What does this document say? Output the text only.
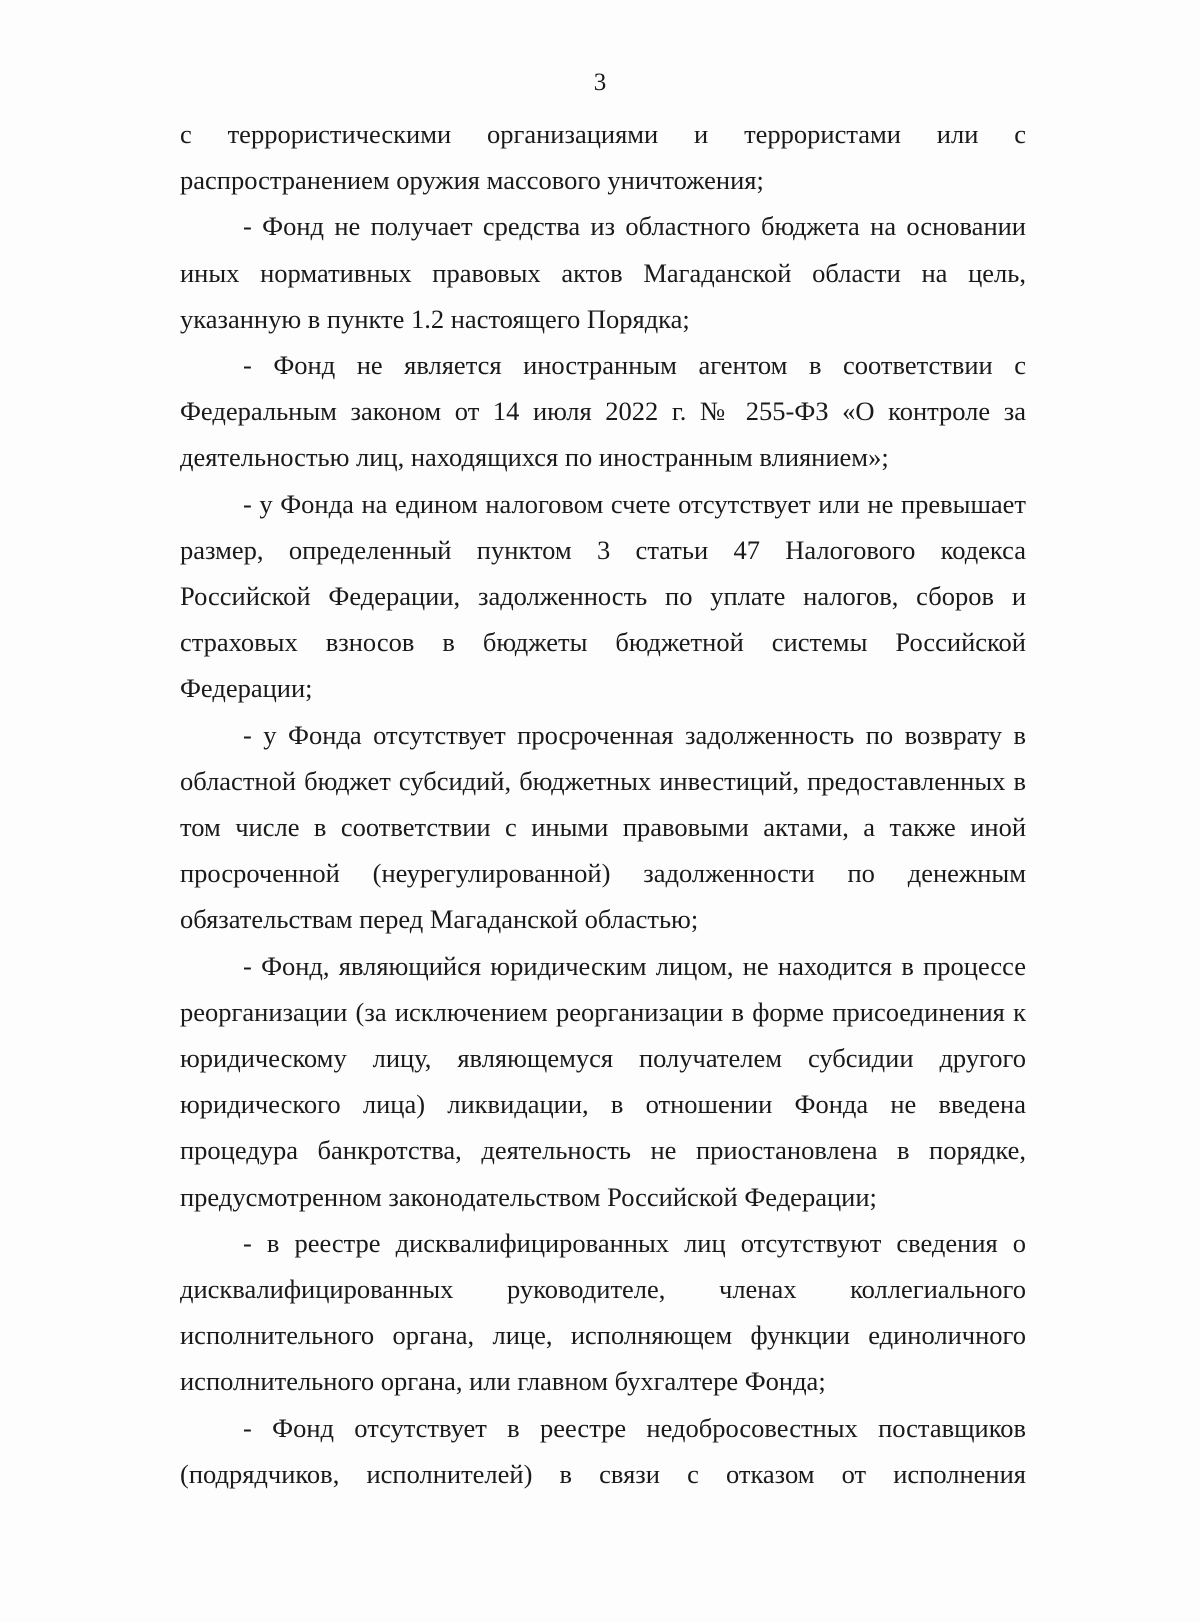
3

с террористическими организациями и террористами или с распространением оружия массового уничтожения;

- Фонд не получает средства из областного бюджета на основании иных нормативных правовых актов Магаданской области на цель, указанную в пункте 1.2 настоящего Порядка;

- Фонд не является иностранным агентом в соответствии с Федеральным законом от 14 июля 2022 г. № 255-ФЗ «О контроле за деятельностью лиц, находящихся по иностранным влиянием»;

- у Фонда на едином налоговом счете отсутствует или не превышает размер, определенный пунктом 3 статьи 47 Налогового кодекса Российской Федерации, задолженность по уплате налогов, сборов и страховых взносов в бюджеты бюджетной системы Российской Федерации;

- у Фонда отсутствует просроченная задолженность по возврату в областной бюджет субсидий, бюджетных инвестиций, предоставленных в том числе в соответствии с иными правовыми актами, а также иной просроченной (неурегулированной) задолженности по денежным обязательствам перед Магаданской областью;

- Фонд, являющийся юридическим лицом, не находится в процессе реорганизации (за исключением реорганизации в форме присоединения к юридическому лицу, являющемуся получателем субсидии другого юридического лица) ликвидации, в отношении Фонда не введена процедура банкротства, деятельность не приостановлена в порядке, предусмотренном законодательством Российской Федерации;

- в реестре дисквалифицированных лиц отсутствуют сведения о дисквалифицированных руководителе, членах коллегиального исполнительного органа, лице, исполняющем функции единоличного исполнительного органа, или главном бухгалтере Фонда;

- Фонд отсутствует в реестре недобросовестных поставщиков (подрядчиков, исполнителей) в связи с отказом от исполнения
